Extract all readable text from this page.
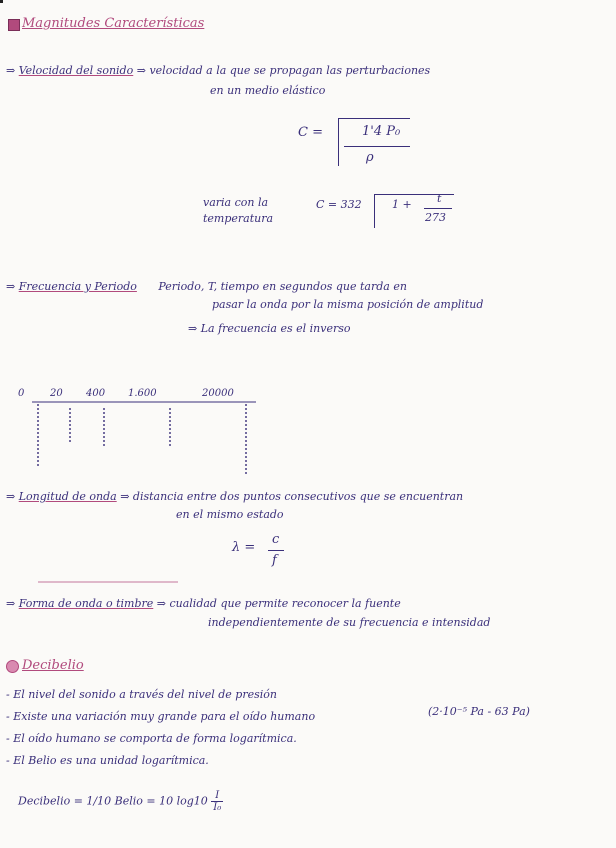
Magnitudes Características
⇒ Velocidad del sonido ⇒ velocidad a la que se propagan las perturbaciones
en un medio elástico
C =	1'4 P₀
ρ
varia con la
temperatura
C = 332	1 + t
273
⇒ Frecuencia y Periodo Periodo, T, tiempo en segundos que tarda en
pasar la onda por la misma posición de amplitud
⇒ La frecuencia es el inverso
0	20 400 1.600	20000
⇒ Longitud de onda ⇒ distancia entre dos puntos consecutivos que se encuentran
en el mismo estado
λ =
c
f
⇒ Forma de onda o timbre ⇒ cualidad que permite reconocer la fuente
independientemente de su frecuencia e intensidad
Decibelio
- El nivel del sonido a través del nivel de presión
- Existe una variación muy grande para el oído humano	(2·10⁻⁵ Pa - 63 Pa)
- El oído humano se comporta de forma logarítmica.
- El Belio es una unidad logarítmica.
Decibelio = 1/10 Belio = 10 $\log 10 \frac{I}{\text{I₀}}$
